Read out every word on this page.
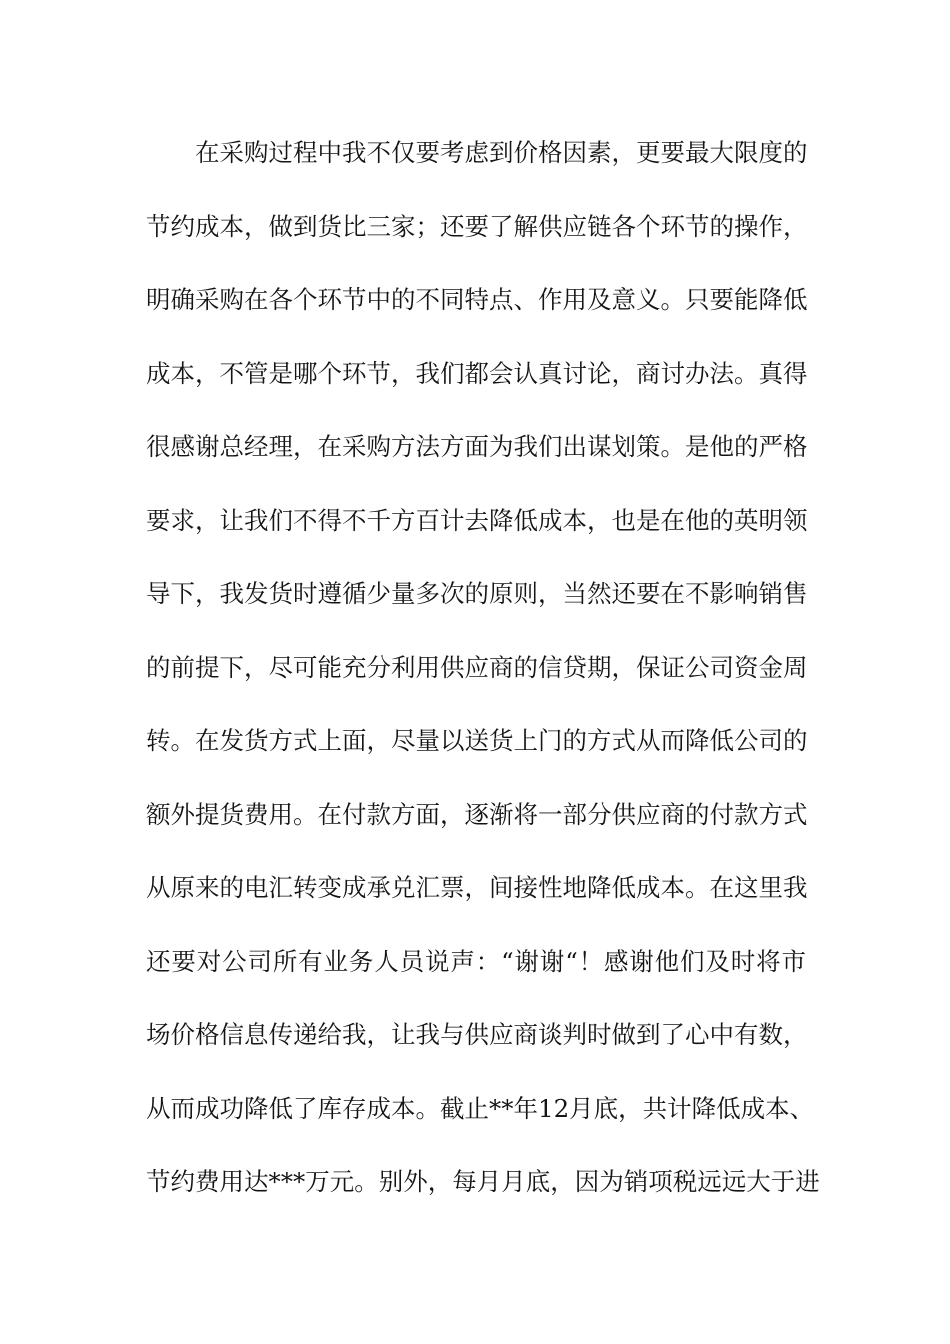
在采购过程中我不仅要考虑到价格因素，更要最大限度的
节约成本，做到货比三家；还要了解供应链各个环节的操作，
明确采购在各个环节中的不同特点、作用及意义。只要能降低
成本，不管是哪个环节，我们都会认真讨论，商讨办法。真得
很感谢总经理，在采购方法方面为我们出谋划策。是他的严格
要求，让我们不得不千方百计去降低成本，也是在他的英明领
导下，我发货时遵循少量多次的原则，当然还要在不影响销售
的前提下，尽可能充分利用供应商的信贷期，保证公司资金周
转。在发货方式上面，尽量以送货上门的方式从而降低公司的
额外提货费用。在付款方面，逐渐将一部分供应商的付款方式
从原来的电汇转变成承兑汇票，间接性地降低成本。在这里我
还要对公司所有业务人员说声：“谢谢“！感谢他们及时将市
场价格信息传递给我，让我与供应商谈判时做到了心中有数，
从而成功降低了库存成本。截止**年12月底，共计降低成本、
节约费用达***万元。别外，每月月底，因为销项税远远大于进
